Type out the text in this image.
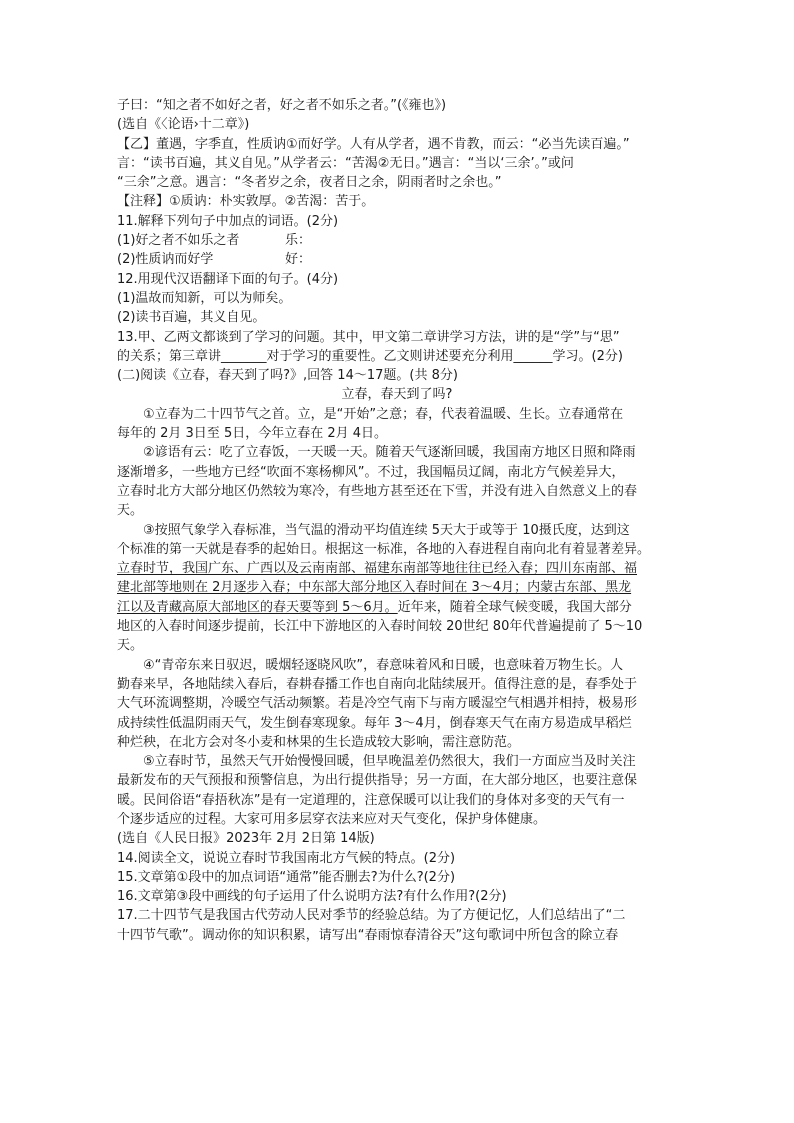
子曰：“知之者不如好之者，好之者不如乐之者。”(《雍也》)
(选自《〈论语›十二章》)
【乙】董遇，字季直，性质讷①而好学。人有从学者，遇不肯教，而云：“必当先读百遍。”
言：“读书百遍，其义自见。”从学者云：“苦渴②无日。”遇言：“当以‘三余’。”或问
“三余”之意。遇言：“冬者岁之余，夜者日之余，阴雨者时之余也。”
【注释】①质讷：朴实敦厚。②苦渴：苦于。
11.解释下列句子中加点的词语。(2分)
(1)好之者不如乐之者	乐：
(2)性质讷而好学	好：
12.用现代汉语翻译下面的句子。(4分)
(1)温故而知新，可以为师矣。
(2)读书百遍，其义自见。
13.甲、乙两文都谈到了学习的问题。其中，甲文第二章讲学习方法，讲的是“学”与“思”
的关系；第三章讲_______对于学习的重要性。乙文则讲述要充分利用______学习。(2分)
(二)阅读《立春，春天到了吗?》,回答 14～17题。(共 8分)
立春，春天到了吗?
①立春为二十四节气之首。立，是“开始”之意；春，代表着温暖、生长。立春通常在
每年的 2月 3日至 5日，今年立春在 2月 4日。
②谚语有云：吃了立春饭，一天暖一天。随着天气逐渐回暖，我国南方地区日照和降雨
逐渐增多，一些地方已经“吹面不寒杨柳风”。不过，我国幅员辽阔，南北方气候差异大，
立春时北方大部分地区仍然较为寒冷，有些地方甚至还在下雪，并没有进入自然意义上的春
天。
③按照气象学入春标准，当气温的滑动平均值连续 5天大于或等于 10摄氏度，达到这
个标准的第一天就是春季的起始日。根据这一标准，各地的入春进程自南向北有着显著差异。
立春时节，我国广东、广西以及云南南部、福建东南部等地往往已经入春；四川东南部、福
建北部等地则在 2月逐步入春；中东部大部分地区入春时间在 3～4月；内蒙古东部、黑龙
江以及青藏高原大部地区的春天要等到 5～6月。近年来，随着全球气候变暖，我国大部分
地区的入春时间逐步提前，长江中下游地区的入春时间较 20世纪 80年代普遍提前了 5～10
天。
④“青帝东来日驭迟，暖烟轻逐晓风吹”，春意味着风和日暖，也意味着万物生长。人
勤春来早，各地陆续入春后，春耕春播工作也自南向北陆续展开。值得注意的是，春季处于
大气环流调整期，冷暖空气活动频繁。若是冷空气南下与南方暖湿空气相遇并相持，极易形
成持续性低温阴雨天气，发生倒春寒现象。每年 3～4月，倒春寒天气在南方易造成早稻烂
种烂秧，在北方会对冬小麦和林果的生长造成较大影响，需注意防范。
⑤立春时节，虽然天气开始慢慢回暖，但早晚温差仍然很大，我们一方面应当及时关注
最新发布的天气预报和预警信息，为出行提供指导；另一方面，在大部分地区，也要注意保
暖。民间俗语“春捂秋冻”是有一定道理的，注意保暖可以让我们的身体对多变的天气有一
个逐步适应的过程。大家可用多层穿衣法来应对天气变化，保护身体健康。
(选自《人民日报》2023年 2月 2日第 14版)
14.阅读全文，说说立春时节我国南北方气候的特点。(2分)
15.文章第①段中的加点词语“通常”能否删去?为什么?(2分)
16.文章第③段中画线的句子运用了什么说明方法?有什么作用?(2分)
17.二十四节气是我国古代劳动人民对季节的经验总结。为了方便记忆，人们总结出了“二
十四节气歌”。调动你的知识积累，请写出“春雨惊春清谷天”这句歌词中所包含的除立春
